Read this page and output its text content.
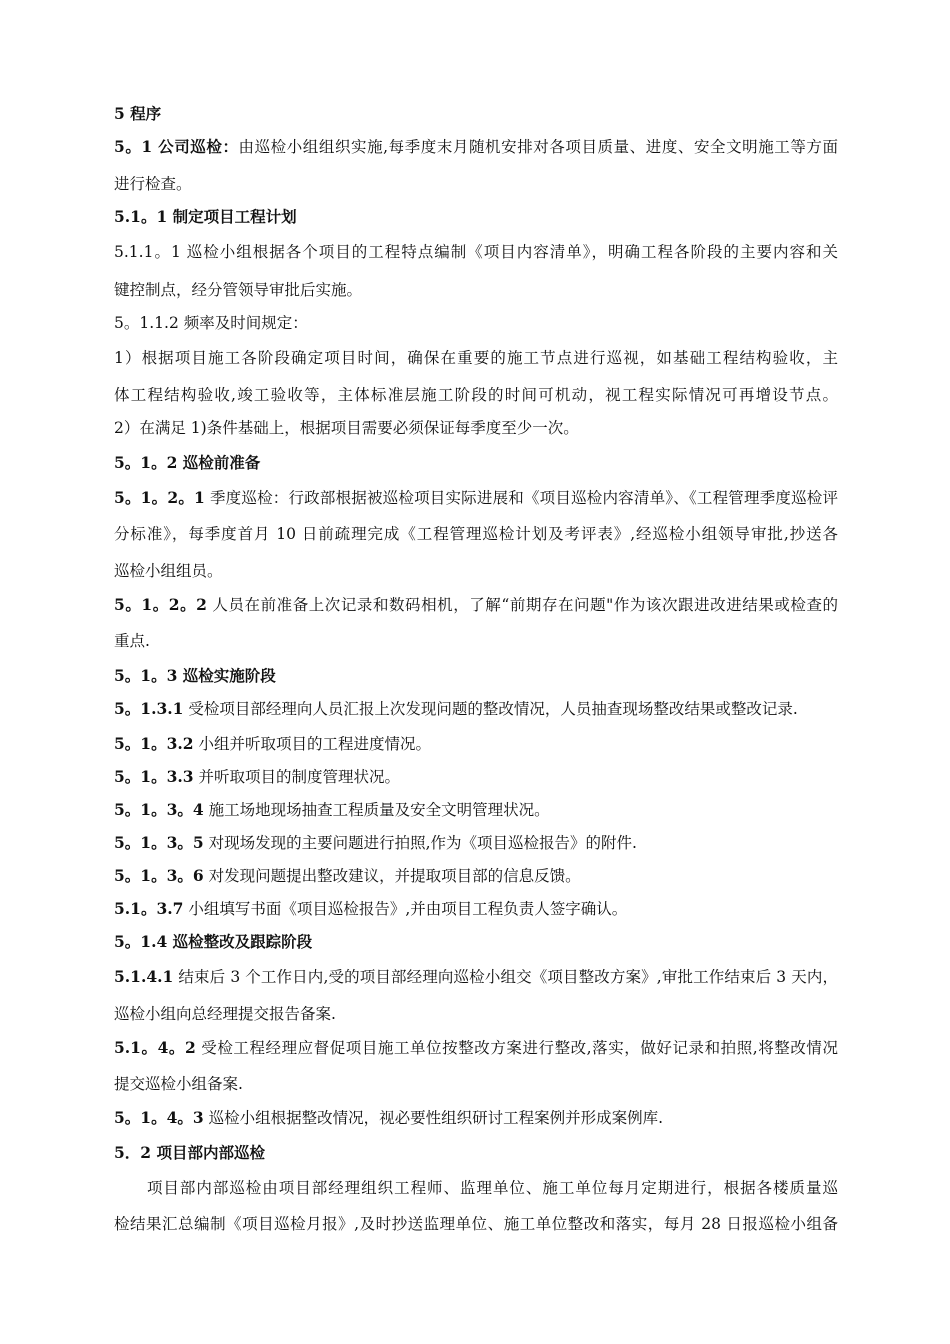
5 程序
5。1 公司巡检：由巡检小组组织实施,每季度末月随机安排对各项目质量、进度、安全文明施工等方面
进行检查。
5.1。1 制定项目工程计划
5.1.1。1 巡检小组根据各个项目的工程特点编制《项目内容清单》，明确工程各阶段的主要内容和关
键控制点，经分管领导审批后实施。
5。1.1.2 频率及时间规定：
1）根据项目施工各阶段确定项目时间，确保在重要的施工节点进行巡视，如基础工程结构验收，主
体工程结构验收,竣工验收等，主体标准层施工阶段的时间可机动，视工程实际情况可再增设节点。
2）在满足 1)条件基础上，根据项目需要必须保证每季度至少一次。
5。1。2 巡检前准备
5。1。2。1 季度巡检：行政部根据被巡检项目实际进展和《项目巡检内容清单》、《工程管理季度巡检评
分标准》，每季度首月 10 日前疏理完成《工程管理巡检计划及考评表》,经巡检小组领导审批,抄送各
巡检小组组员。
5。1。2。2 人员在前准备上次记录和数码相机，了解“前期存在问题"作为该次跟进改进结果或检查的
重点.
5。1。3 巡检实施阶段
5。1.3.1 受检项目部经理向人员汇报上次发现问题的整改情况，人员抽查现场整改结果或整改记录.
5。1。3.2 小组并听取项目的工程进度情况。
5。1。3.3 并听取项目的制度管理状况。
5。1。3。4 施工场地现场抽查工程质量及安全文明管理状况。
5。1。3。5 对现场发现的主要问题进行拍照,作为《项目巡检报告》的附件.
5。1。3。6 对发现问题提出整改建议，并提取项目部的信息反馈。
5.1。3.7 小组填写书面《项目巡检报告》,并由项目工程负责人签字确认。
5。1.4 巡检整改及跟踪阶段
5.1.4.1 结束后 3 个工作日内,受的项目部经理向巡检小组交《项目整改方案》,审批工作结束后 3 天内，
巡检小组向总经理提交报告备案.
5.1。4。2 受检工程经理应督促项目施工单位按整改方案进行整改,落实，做好记录和拍照,将整改情况
提交巡检小组备案.
5。1。4。3 巡检小组根据整改情况，视必要性组织研讨工程案例并形成案例库.
5．2 项目部内部巡检
　　项目部内部巡检由项目部经理组织工程师、监理单位、施工单位每月定期进行，根据各楼质量巡
检结果汇总编制《项目巡检月报》,及时抄送监理单位、施工单位整改和落实，每月 28 日报巡检小组备
